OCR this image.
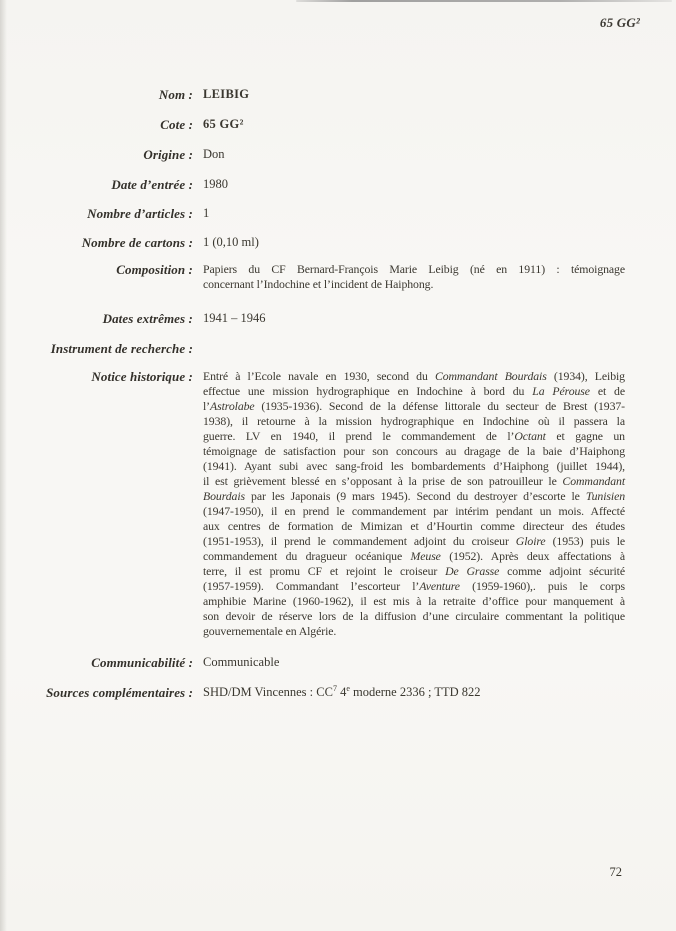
65 GG²
Nom : LEIBIG
Cote : 65 GG²
Origine : Don
Date d’entrée : 1980
Nombre d’articles : 1
Nombre de cartons : 1 (0,10 ml)
Composition : Papiers du CF Bernard-François Marie Leibig (né en 1911) : témoignage
concernant l’Indochine et l’incident de Haiphong.
Dates extrêmes : 1941 – 1946
Instrument de recherche :
Notice historique : Entré à l’Ecole navale en 1930, second du Commandant Bourdais (1934), Leibig
effectue une mission hydrographique en Indochine à bord du La Pérouse et de
l’Astrolabe (1935-1936). Second de la défense littorale du secteur de Brest (1937-
1938), il retourne à la mission hydrographique en Indochine où il passera la
guerre. LV en 1940, il prend le commandement de l’Octant et gagne un
témoignage de satisfaction pour son concours au dragage de la baie d’Haiphong
(1941). Ayant subi avec sang-froid les bombardements d’Haiphong (juillet 1944),
il est grièvement blessé en s’opposant à la prise de son patrouilleur le Commandant
Bourdais par les Japonais (9 mars 1945). Second du destroyer d’escorte le Tunisien
(1947-1950), il en prend le commandement par intérim pendant un mois. Affecté
aux centres de formation de Mimizan et d’Hourtin comme directeur des études
(1951-1953), il prend le commandement adjoint du croiseur Gloire (1953) puis le
commandement du dragueur océanique Meuse (1952). Après deux affectations à
terre, il est promu CF et rejoint le croiseur De Grasse comme adjoint sécurité
(1957-1959). Commandant l’escorteur l’Aventure (1959-1960),. puis le corps
amphibie Marine (1960-1962), il est mis à la retraite d’office pour manquement à
son devoir de réserve lors de la diffusion d’une circulaire commentant la politique
gouvernementale en Algérie.
Communicabilité : Communicable
Sources complémentaires : SHD/DM Vincennes : $CC^7$ 4e moderne 2336 ; TTD 822
72
